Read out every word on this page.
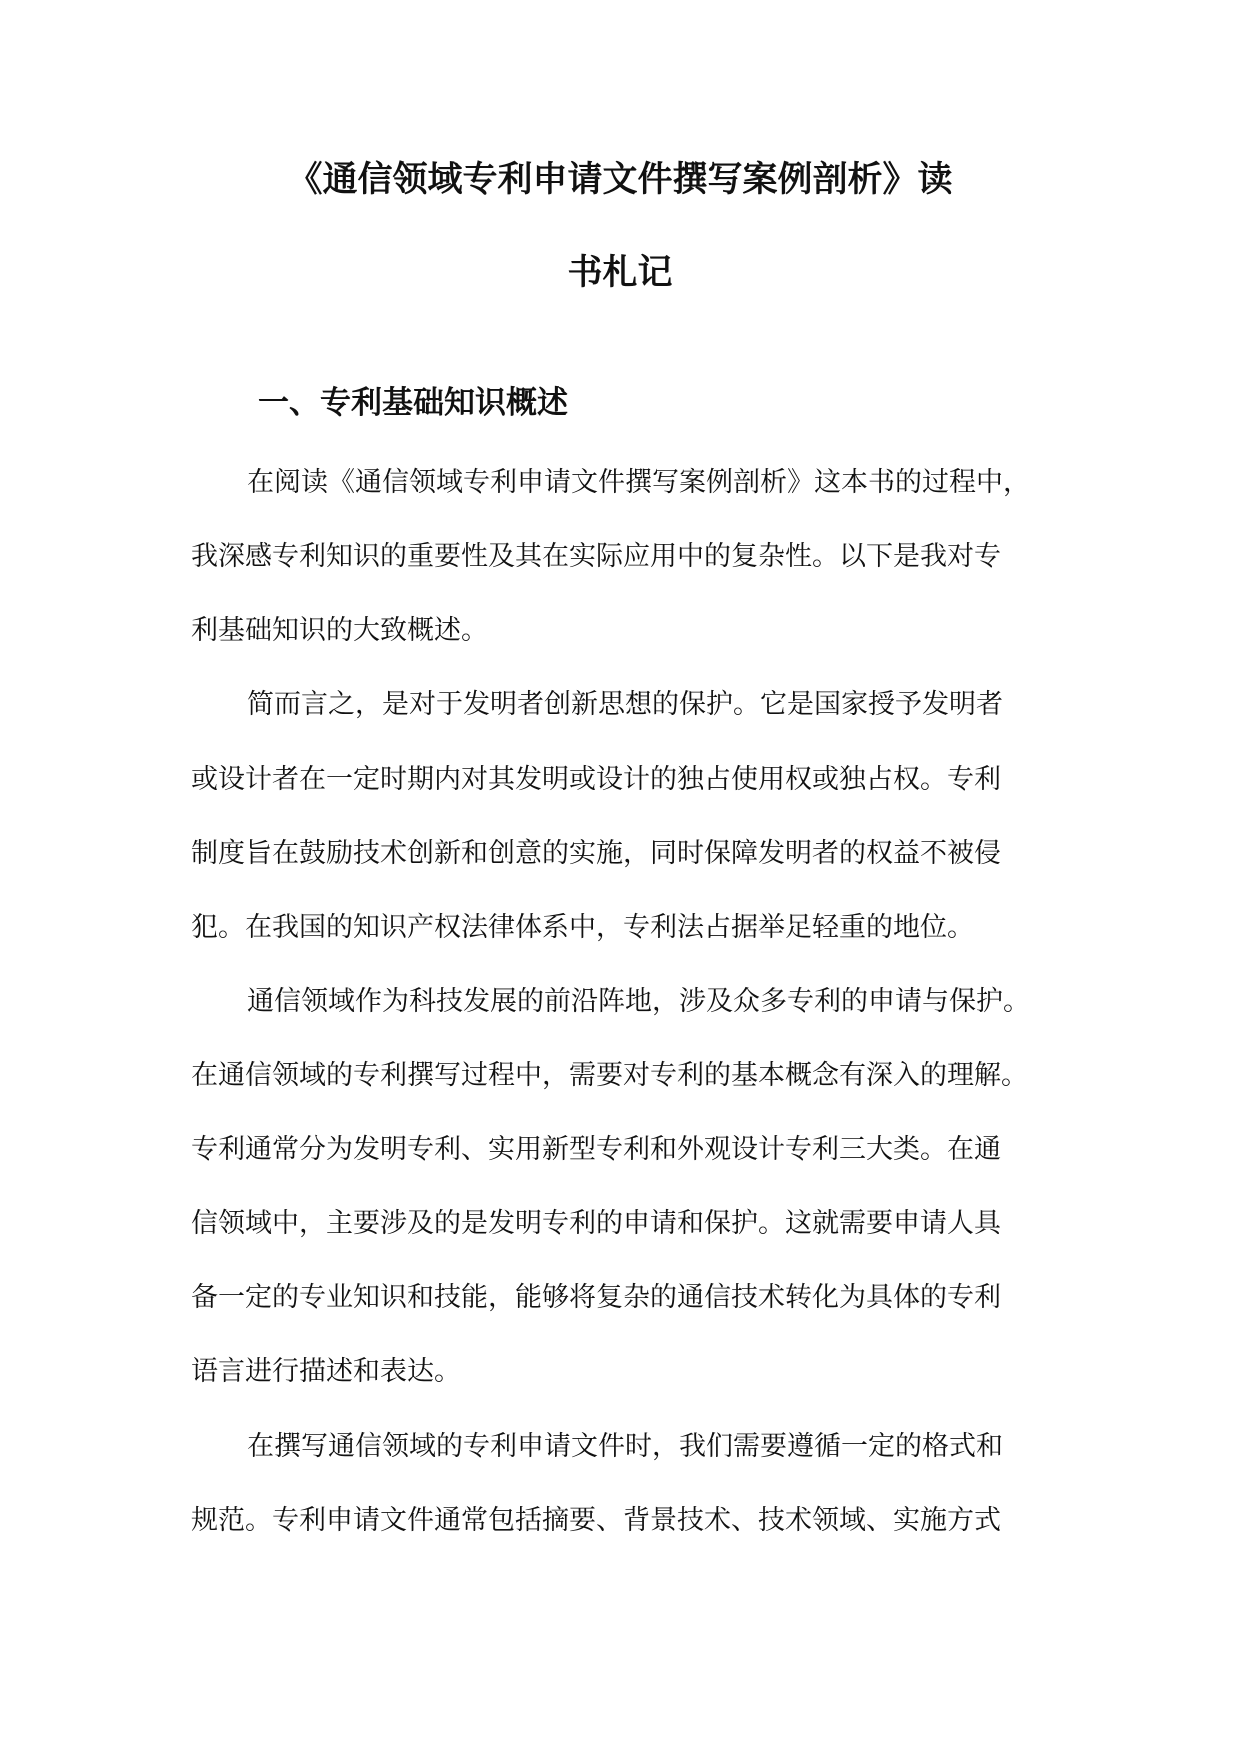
《通信领域专利申请文件撰写案例剖析》读
书札记
一、专利基础知识概述

在阅读《通信领域专利申请文件撰写案例剖析》这本书的过程中，

我深感专利知识的重要性及其在实际应用中的复杂性。以下是我对专

利基础知识的大致概述。

简而言之，是对于发明者创新思想的保护。它是国家授予发明者

或设计者在一定时期内对其发明或设计的独占使用权或独占权。专利

制度旨在鼓励技术创新和创意的实施，同时保障发明者的权益不被侵

犯。在我国的知识产权法律体系中，专利法占据举足轻重的地位。

通信领域作为科技发展的前沿阵地，涉及众多专利的申请与保护。

在通信领域的专利撰写过程中，需要对专利的基本概念有深入的理解。

专利通常分为发明专利、实用新型专利和外观设计专利三大类。在通

信领域中，主要涉及的是发明专利的申请和保护。这就需要申请人具

备一定的专业知识和技能，能够将复杂的通信技术转化为具体的专利

语言进行描述和表达。

在撰写通信领域的专利申请文件时，我们需要遵循一定的格式和

规范。专利申请文件通常包括摘要、背景技术、技术领域、实施方式
